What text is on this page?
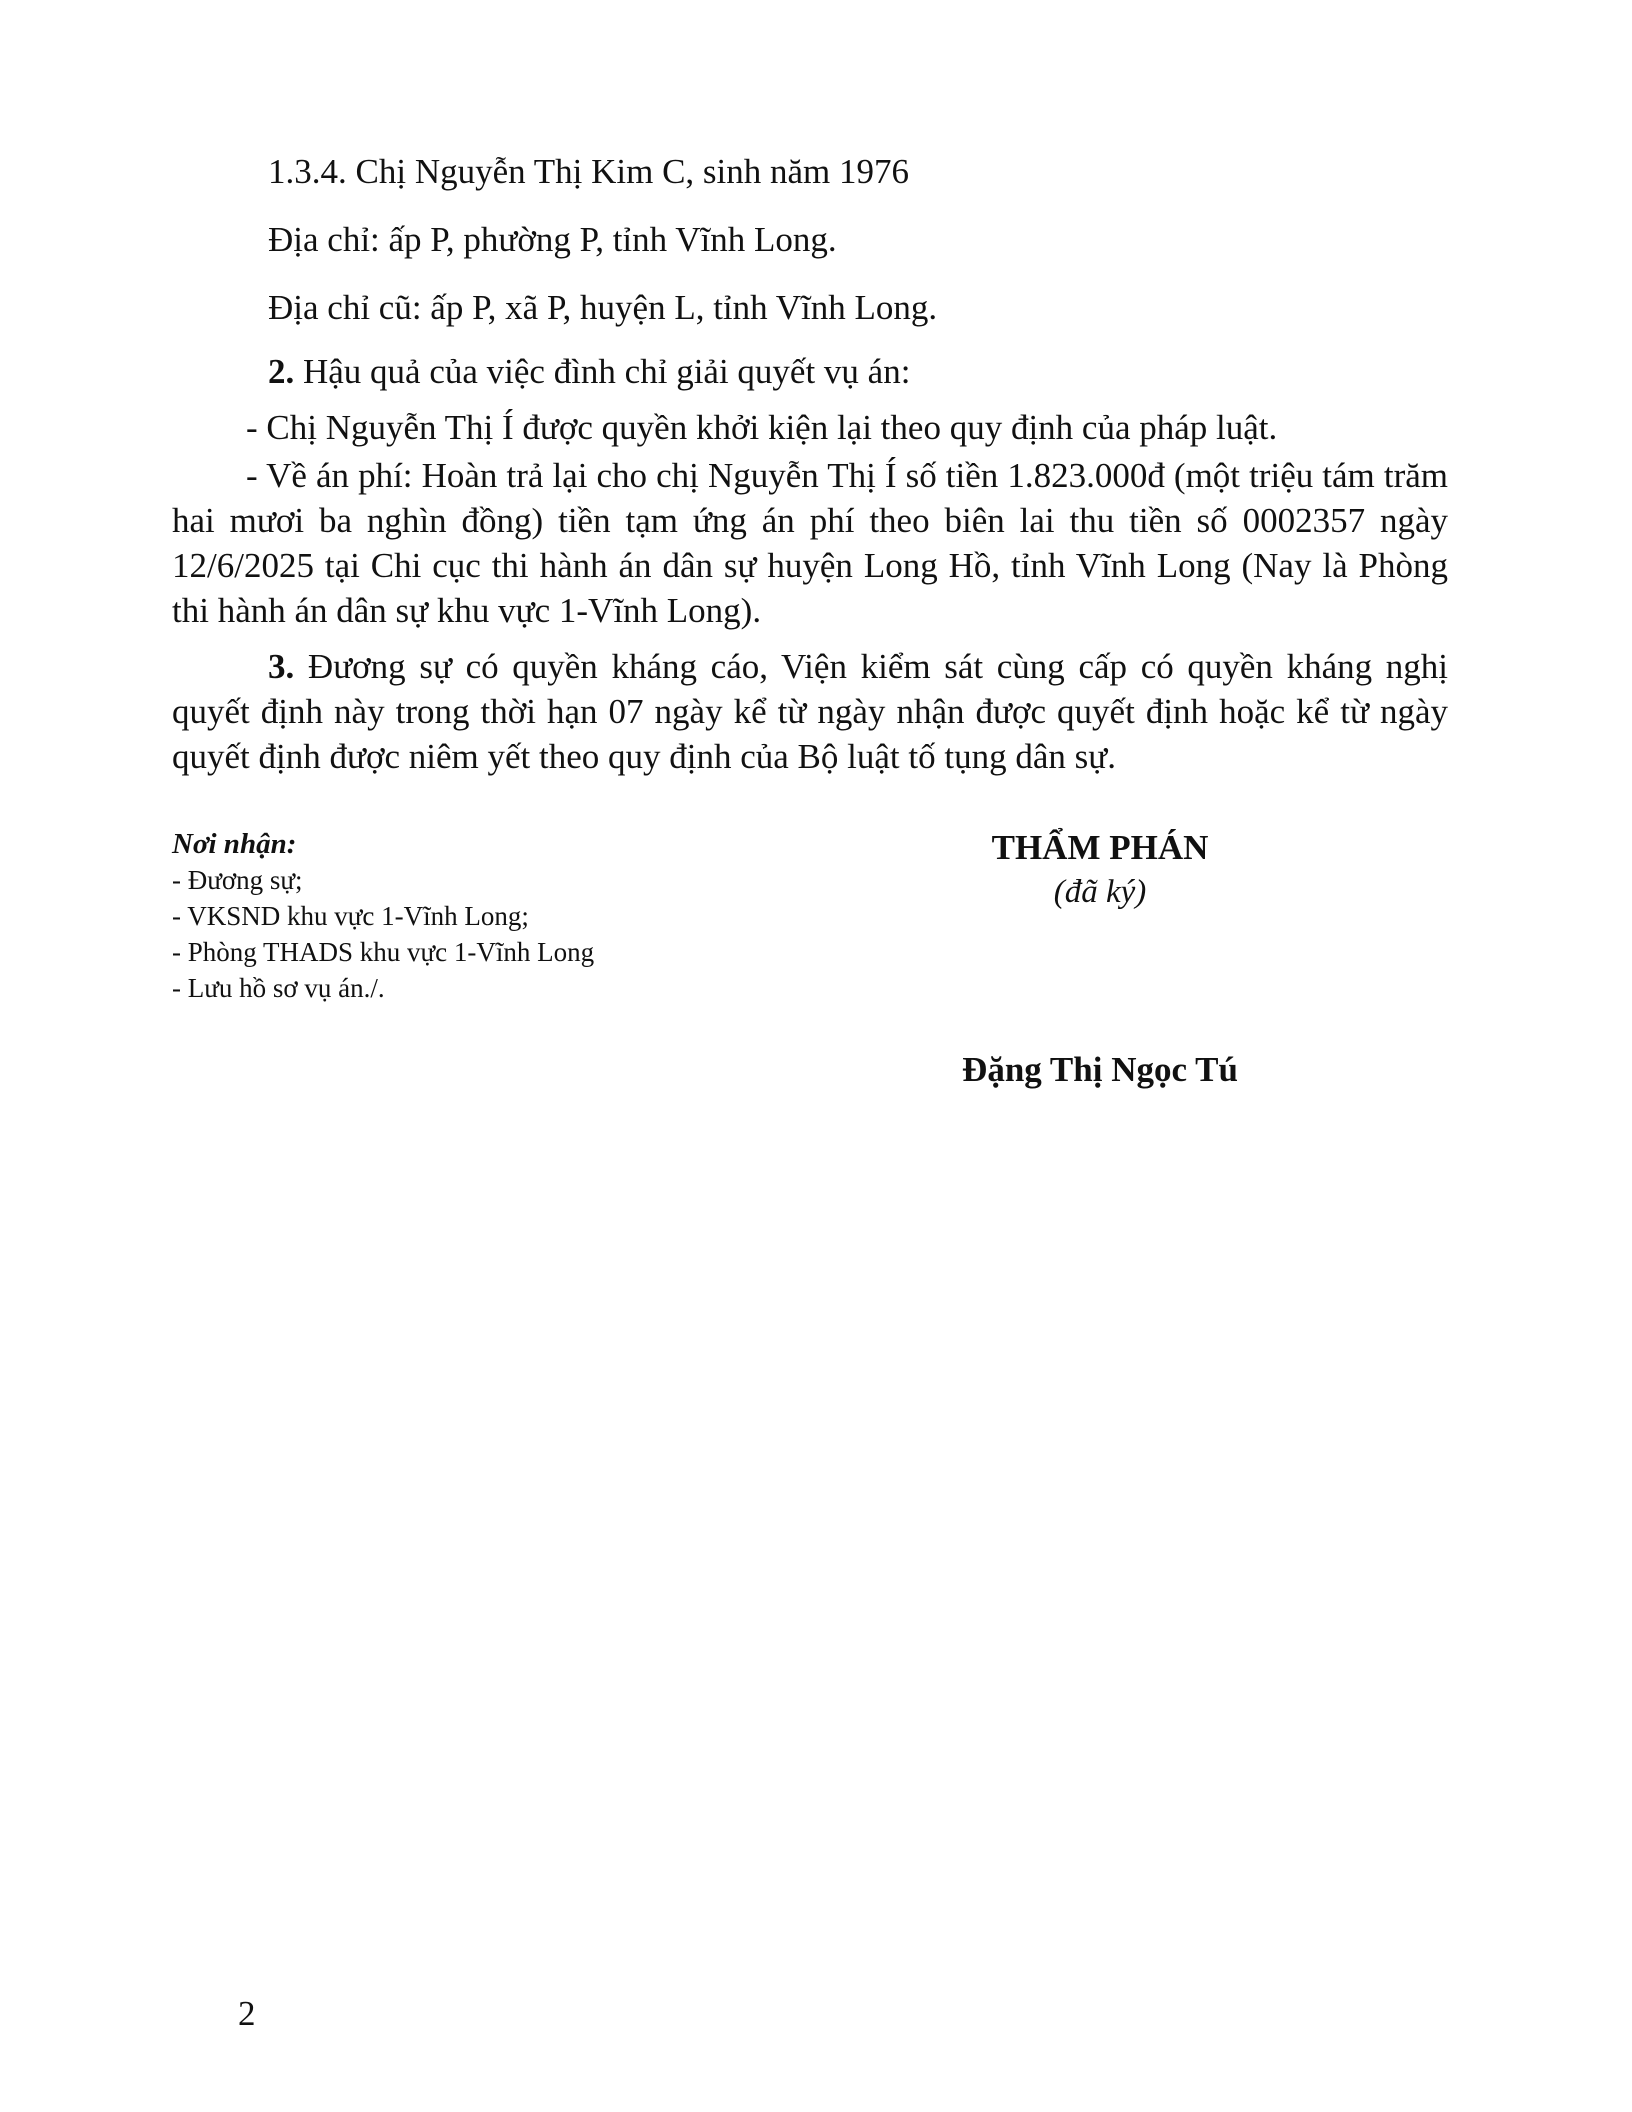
1.3.4. Chị Nguyễn Thị Kim C, sinh năm 1976
Địa chỉ: ấp P, phường P, tỉnh Vĩnh Long.
Địa chỉ cũ: ấp P, xã P, huyện L, tỉnh Vĩnh Long.
2. Hậu quả của việc đình chỉ giải quyết vụ án:
- Chị Nguyễn Thị Í được quyền khởi kiện lại theo quy định của pháp luật.
- Về án phí: Hoàn trả lại cho chị Nguyễn Thị Í số tiền 1.823.000đ (một triệu tám trăm hai mươi ba nghìn đồng) tiền tạm ứng án phí theo biên lai thu tiền số 0002357 ngày 12/6/2025 tại Chi cục thi hành án dân sự huyện Long Hồ, tỉnh Vĩnh Long (Nay là Phòng thi hành án dân sự khu vực 1-Vĩnh Long).
3. Đương sự có quyền kháng cáo, Viện kiểm sát cùng cấp có quyền kháng nghị quyết định này trong thời hạn 07 ngày kể từ ngày nhận được quyết định hoặc kể từ ngày quyết định được niêm yết theo quy định của Bộ luật tố tụng dân sự.
Nơi nhận:
- Đương sự;
- VKSND khu vực 1-Vĩnh Long;
- Phòng THADS khu vực 1-Vĩnh Long
- Lưu hồ sơ vụ án./.
THẨM PHÁN
(đã ký)
Đặng Thị Ngọc Tú
2
